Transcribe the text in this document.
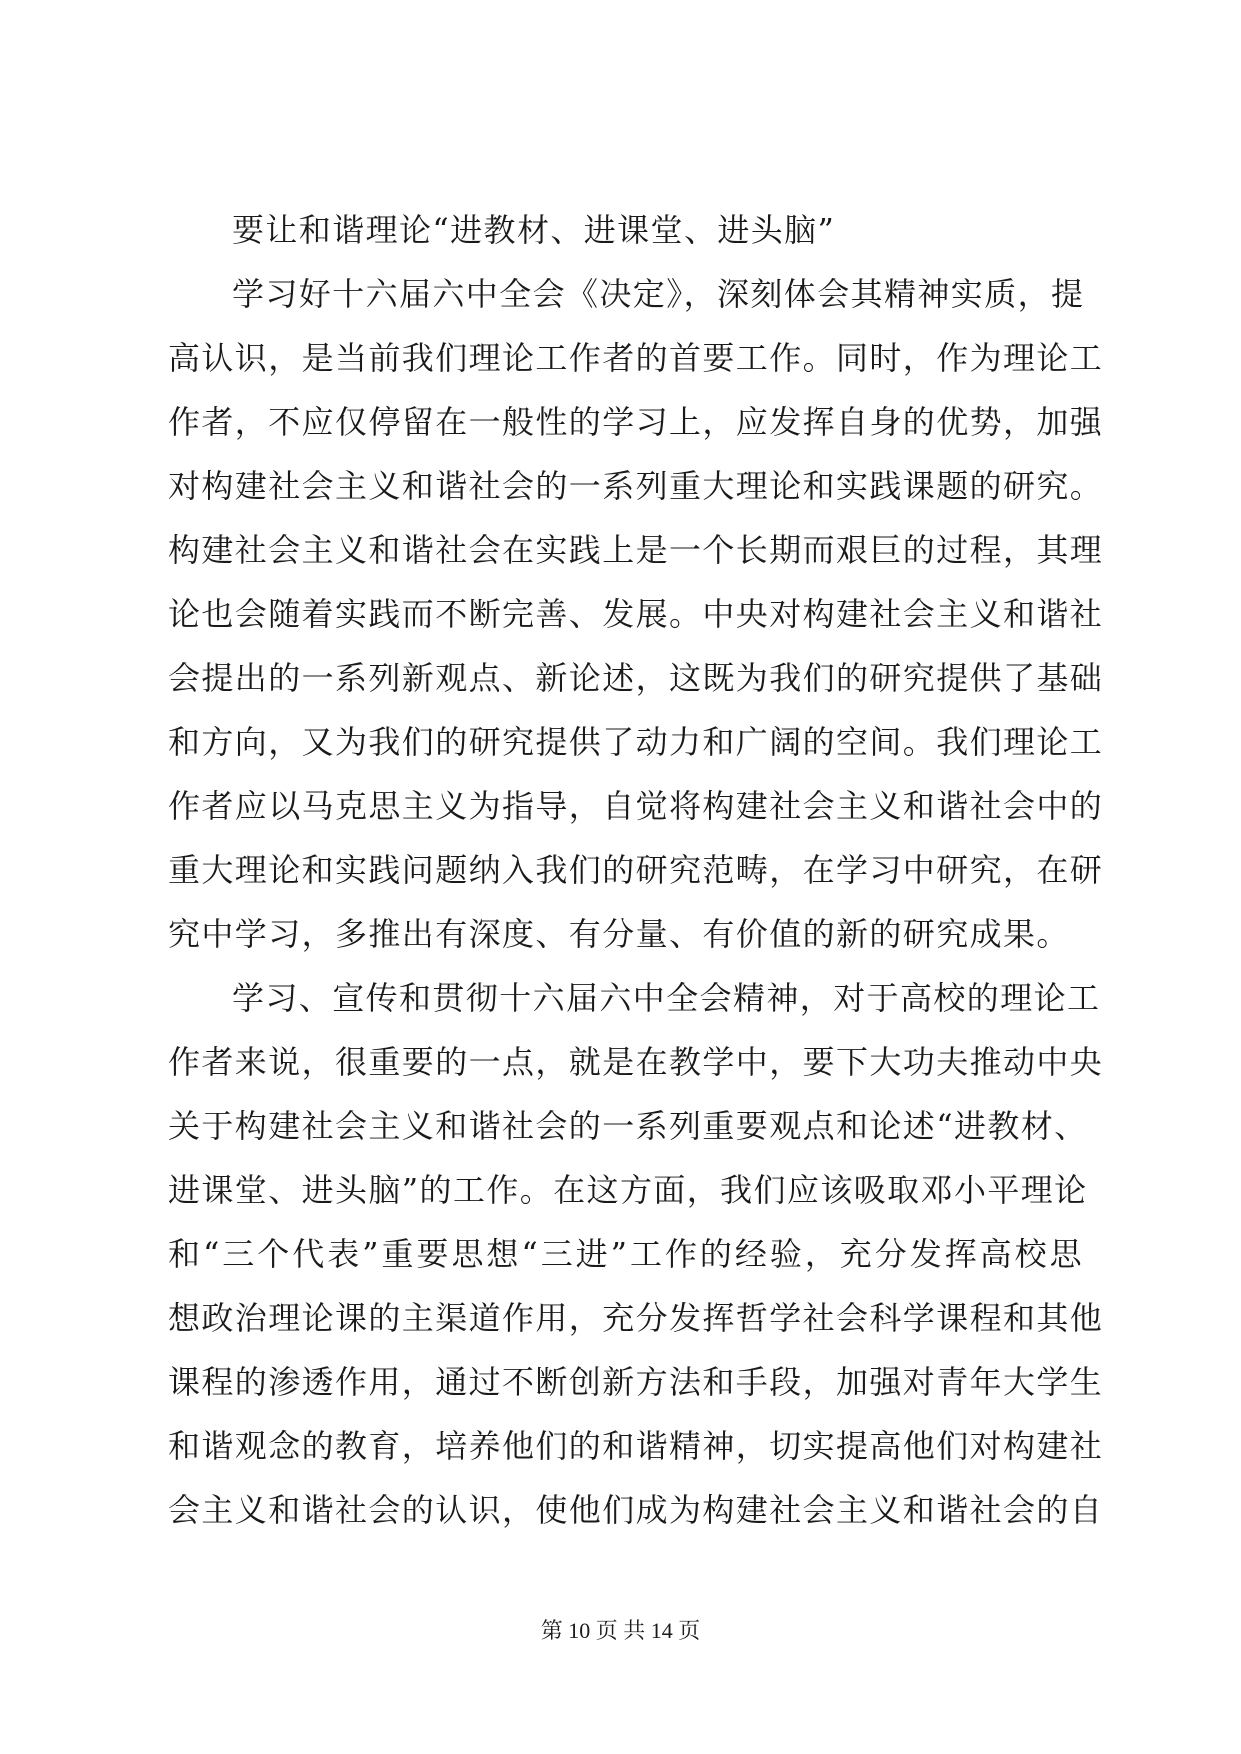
要让和谐理论“进教材、进课堂、进头脑”
学习好十六届六中全会《决定》，深刻体会其精神实质，提
高认识，是当前我们理论工作者的首要工作。同时，作为理论工
作者，不应仅停留在一般性的学习上，应发挥自身的优势，加强
对构建社会主义和谐社会的一系列重大理论和实践课题的研究。
构建社会主义和谐社会在实践上是一个长期而艰巨的过程，其理
论也会随着实践而不断完善、发展。中央对构建社会主义和谐社
会提出的一系列新观点、新论述，这既为我们的研究提供了基础
和方向，又为我们的研究提供了动力和广阔的空间。我们理论工
作者应以马克思主义为指导，自觉将构建社会主义和谐社会中的
重大理论和实践问题纳入我们的研究范畴，在学习中研究，在研
究中学习，多推出有深度、有分量、有价值的新的研究成果。
学习、宣传和贯彻十六届六中全会精神，对于高校的理论工
作者来说，很重要的一点，就是在教学中，要下大功夫推动中央
关于构建社会主义和谐社会的一系列重要观点和论述“进教材、
进课堂、进头脑”的工作。在这方面，我们应该吸取邓小平理论
和“三个代表”重要思想“三进”工作的经验，充分发挥高校思
想政治理论课的主渠道作用，充分发挥哲学社会科学课程和其他
课程的渗透作用，通过不断创新方法和手段，加强对青年大学生
和谐观念的教育，培养他们的和谐精神，切实提高他们对构建社
会主义和谐社会的认识，使他们成为构建社会主义和谐社会的自
第 10 页 共 14 页
